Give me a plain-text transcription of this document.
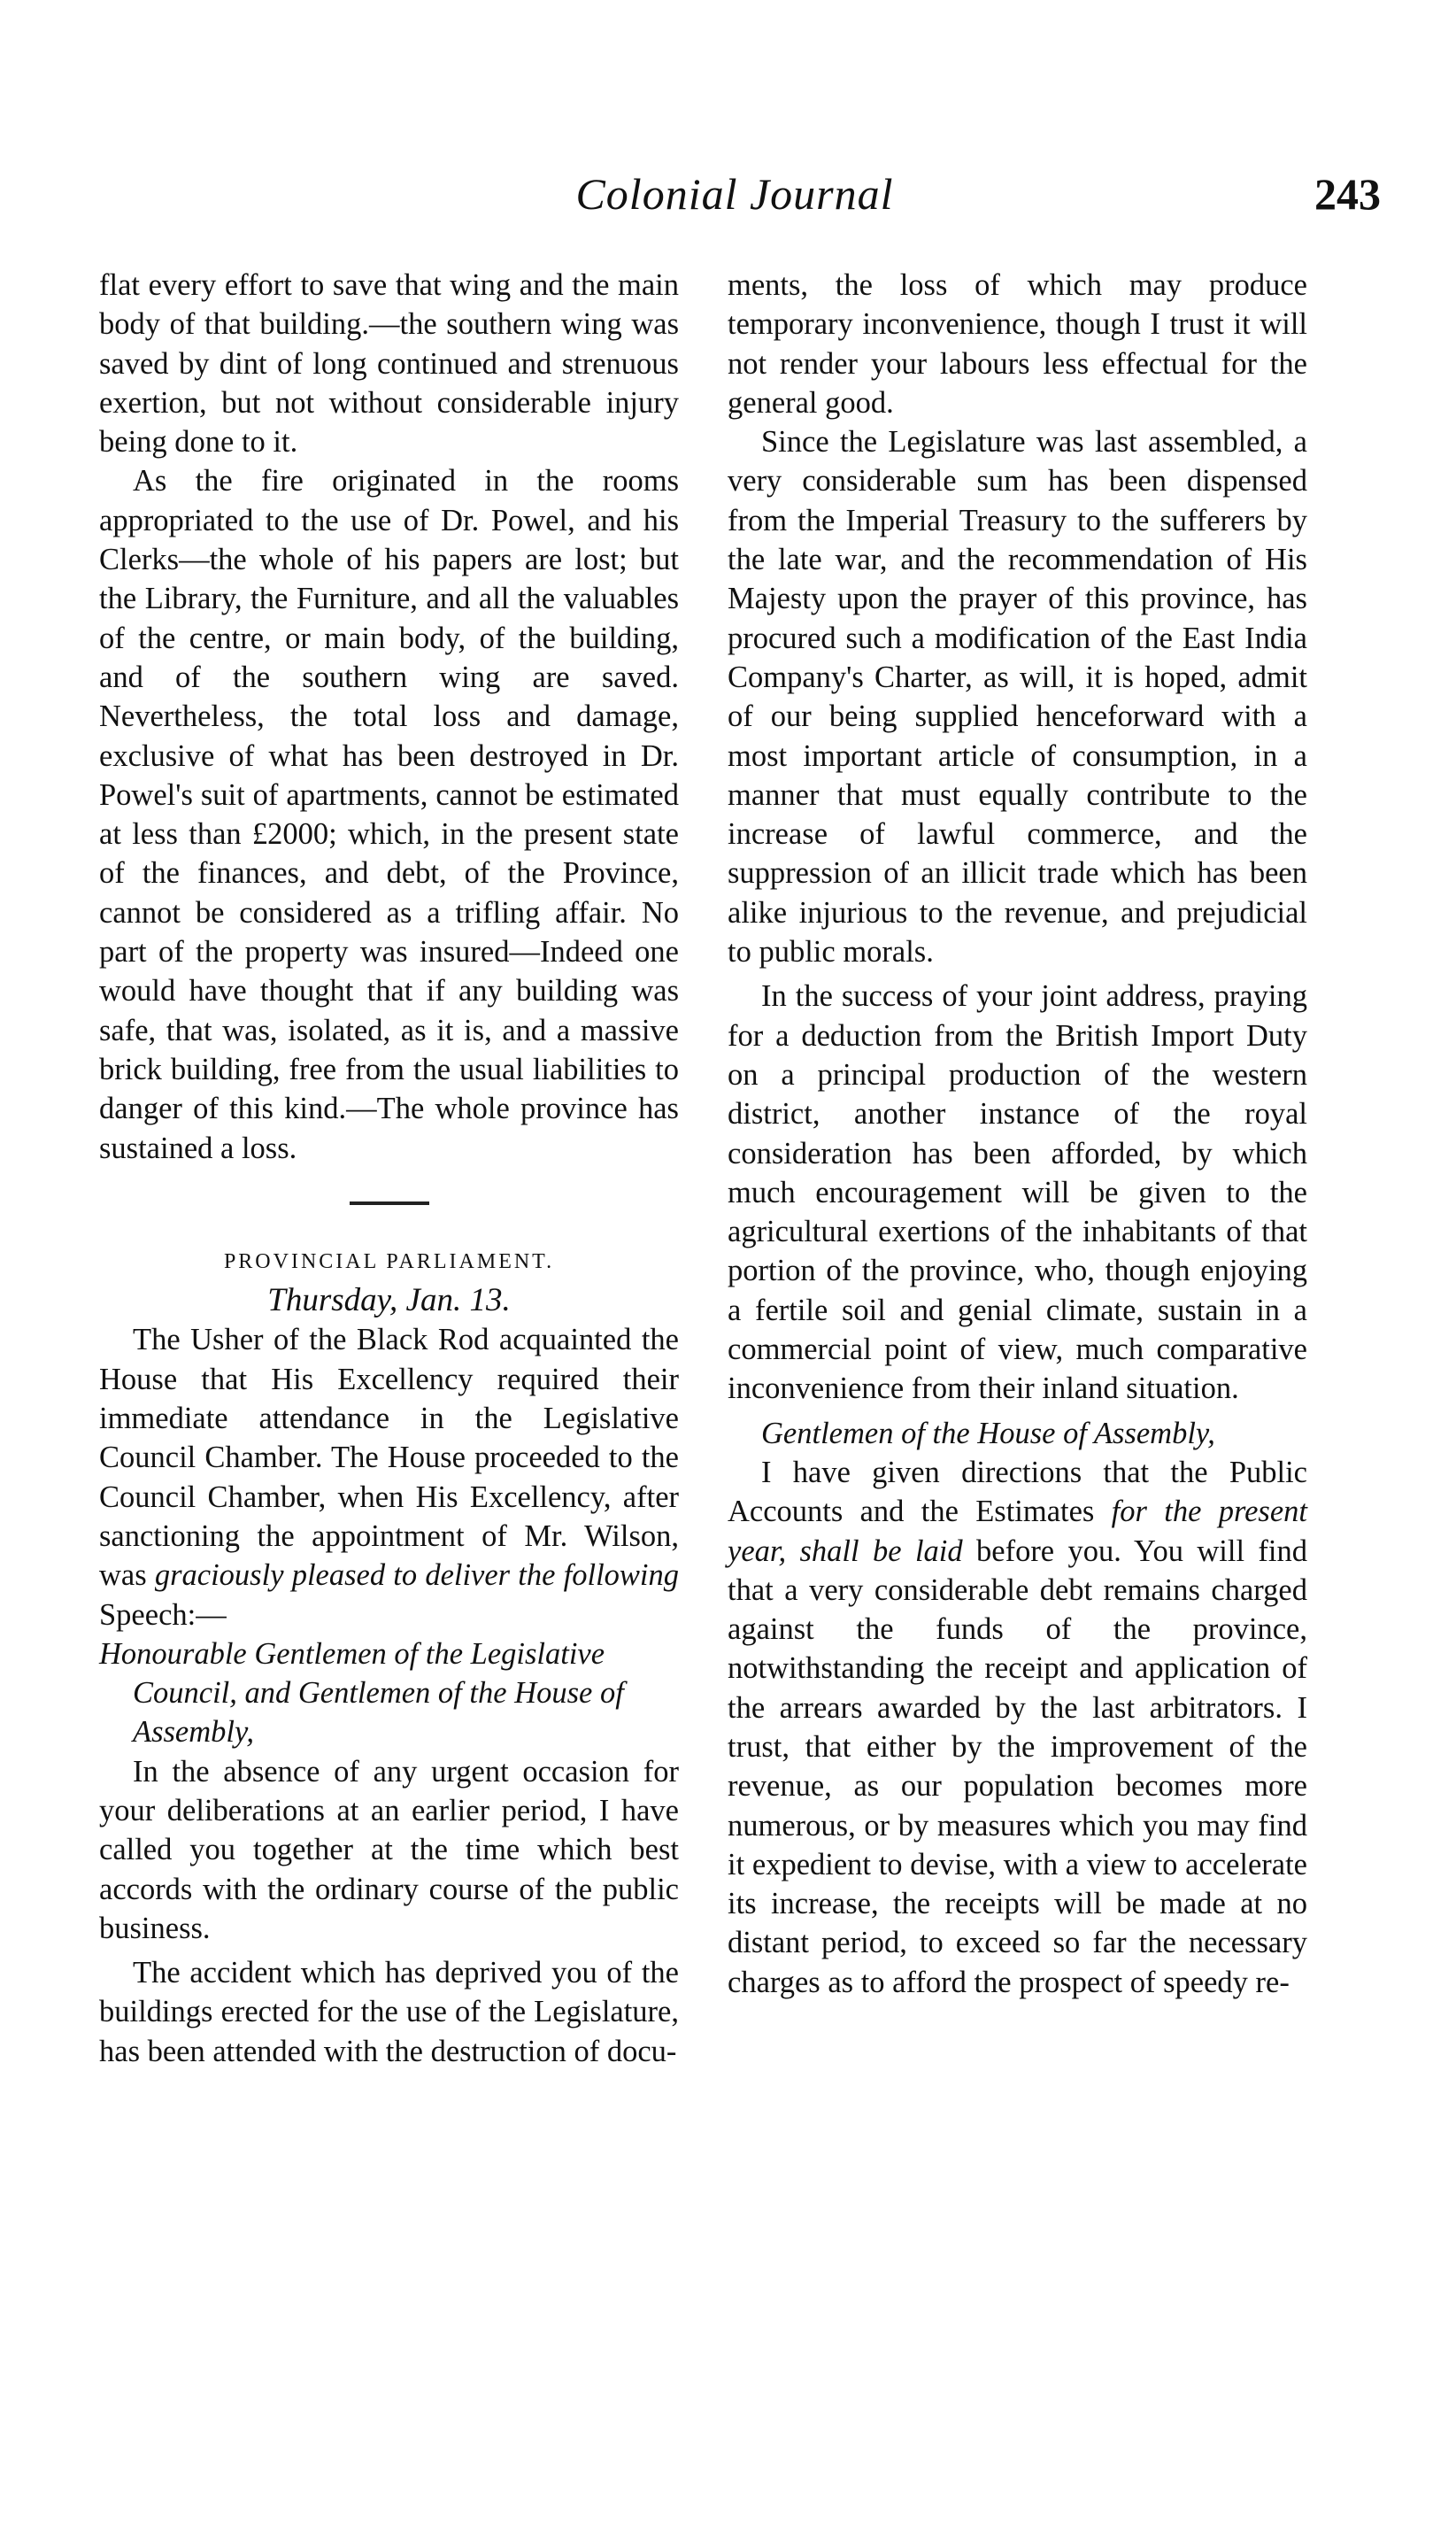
Colonial Journal	243

flat every effort to save that wing and the main body of that building.—the southern wing was saved by dint of long continued and strenuous exertion, but not without considerable injury being done to it.

As the fire originated in the rooms appropriated to the use of Dr. Powel, and his Clerks—the whole of his papers are lost; but the Library, the Furniture, and all the valuables of the centre, or main body, of the building, and of the southern wing are saved. Nevertheless, the total loss and damage, exclusive of what has been destroyed in Dr. Powel's suit of apartments, cannot be estimated at less than £2000; which, in the present state of the finances, and debt, of the Province, cannot be considered as a trifling affair. No part of the property was insured—Indeed one would have thought that if any building was safe, that was, isolated, as it is, and a massive brick building, free from the usual liabilities to danger of this kind.—The whole province has sustained a loss.

PROVINCIAL PARLIAMENT.

Thursday, Jan. 13.

The Usher of the Black Rod acquainted the House that His Excellency required their immediate attendance in the Legislative Council Chamber. The House proceeded to the Council Chamber, when His Excellency, after sanctioning the appointment of Mr. Wilson, was graciously pleased to deliver the following Speech:—

Honourable Gentlemen of the Legislative Council, and Gentlemen of the House of Assembly,

In the absence of any urgent occasion for your deliberations at an earlier period, I have called you together at the time which best accords with the ordinary course of the public business.

The accident which has deprived you of the buildings erected for the use of the Legislature, has been attended with the destruction of docu-

ments, the loss of which may produce temporary inconvenience, though I trust it will not render your labours less effectual for the general good.

Since the Legislature was last assembled, a very considerable sum has been dispensed from the Imperial Treasury to the sufferers by the late war, and the recommendation of His Majesty upon the prayer of this province, has procured such a modification of the East India Company's Charter, as will, it is hoped, admit of our being supplied henceforward with a most important article of consumption, in a manner that must equally contribute to the increase of lawful commerce, and the suppression of an illicit trade which has been alike injurious to the revenue, and prejudicial to public morals.

In the success of your joint address, praying for a deduction from the British Import Duty on a principal production of the western district, another instance of the royal consideration has been afforded, by which much encouragement will be given to the agricultural exertions of the inhabitants of that portion of the province, who, though enjoying a fertile soil and genial climate, sustain in a commercial point of view, much comparative inconvenience from their inland situation.

Gentlemen of the House of Assembly,

I have given directions that the Public Accounts and the Estimates for the present year, shall be laid before you. You will find that a very considerable debt remains charged against the funds of the province, notwithstanding the receipt and application of the arrears awarded by the last arbitrators. I trust, that either by the improvement of the revenue, as our population becomes more numerous, or by measures which you may find it expedient to devise, with a view to accelerate its increase, the receipts will be made at no distant period, to exceed so far the necessary charges as to afford the prospect of speedy re-
